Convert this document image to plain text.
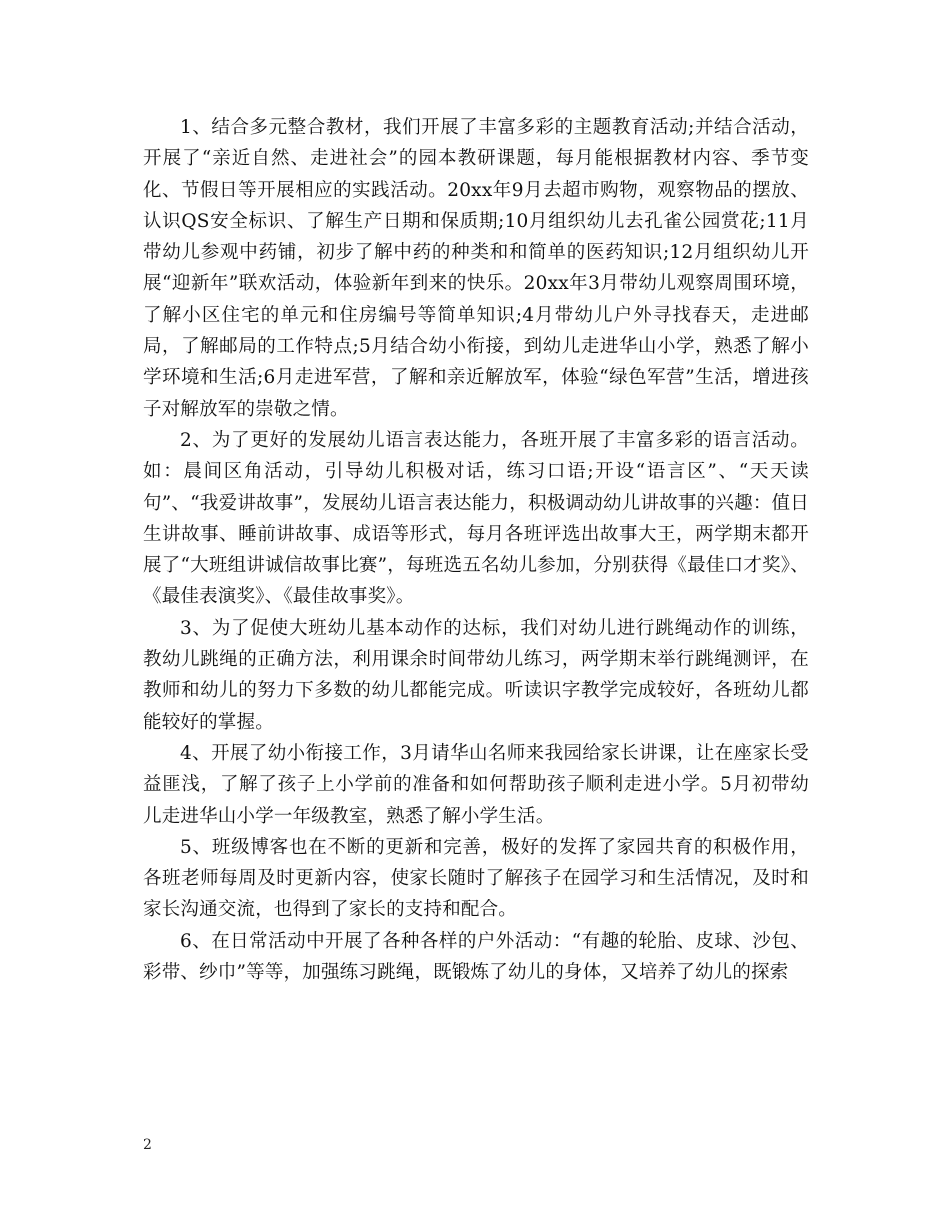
1、结合多元整合教材，我们开展了丰富多彩的主题教育活动;并结合活动，开展了“亲近自然、走进社会”的园本教研课题，每月能根据教材内容、季节变化、节假日等开展相应的实践活动。20xx年9月去超市购物，观察物品的摆放、认识QS安全标识、了解生产日期和保质期;10月组织幼儿去孔雀公园赏花;11月带幼儿参观中药铺，初步了解中药的种类和和简单的医药知识;12月组织幼儿开展“迎新年”联欢活动，体验新年到来的快乐。20xx年3月带幼儿观察周围环境，了解小区住宅的单元和住房编号等简单知识;4月带幼儿户外寻找春天，走进邮局，了解邮局的工作特点;5月结合幼小衔接，到幼儿走进华山小学，熟悉了解小学环境和生活;6月走进军营，了解和亲近解放军，体验“绿色军营”生活，增进孩子对解放军的崇敬之情。

2、为了更好的发展幼儿语言表达能力，各班开展了丰富多彩的语言活动。如：晨间区角活动，引导幼儿积极对话，练习口语;开设“语言区”、“天天读句”、“我爱讲故事”，发展幼儿语言表达能力，积极调动幼儿讲故事的兴趣：值日生讲故事、睡前讲故事、成语等形式，每月各班评选出故事大王，两学期末都开展了“大班组讲诚信故事比赛”，每班选五名幼儿参加，分别获得《最佳口才奖》、《最佳表演奖》、《最佳故事奖》。

3、为了促使大班幼儿基本动作的达标，我们对幼儿进行跳绳动作的训练，教幼儿跳绳的正确方法，利用课余时间带幼儿练习，两学期末举行跳绳测评，在教师和幼儿的努力下多数的幼儿都能完成。听读识字教学完成较好，各班幼儿都能较好的掌握。

4、开展了幼小衔接工作，3月请华山名师来我园给家长讲课，让在座家长受益匪浅，了解了孩子上小学前的准备和如何帮助孩子顺利走进小学。5月初带幼儿走进华山小学一年级教室，熟悉了解小学生活。

5、班级博客也在不断的更新和完善，极好的发挥了家园共育的积极作用，各班老师每周及时更新内容，使家长随时了解孩子在园学习和生活情况，及时和家长沟通交流，也得到了家长的支持和配合。

6、在日常活动中开展了各种各样的户外活动：“有趣的轮胎、皮球、沙包、彩带、纱巾”等等，加强练习跳绳，既锻炼了幼儿的身体，又培养了幼儿的探索

2
